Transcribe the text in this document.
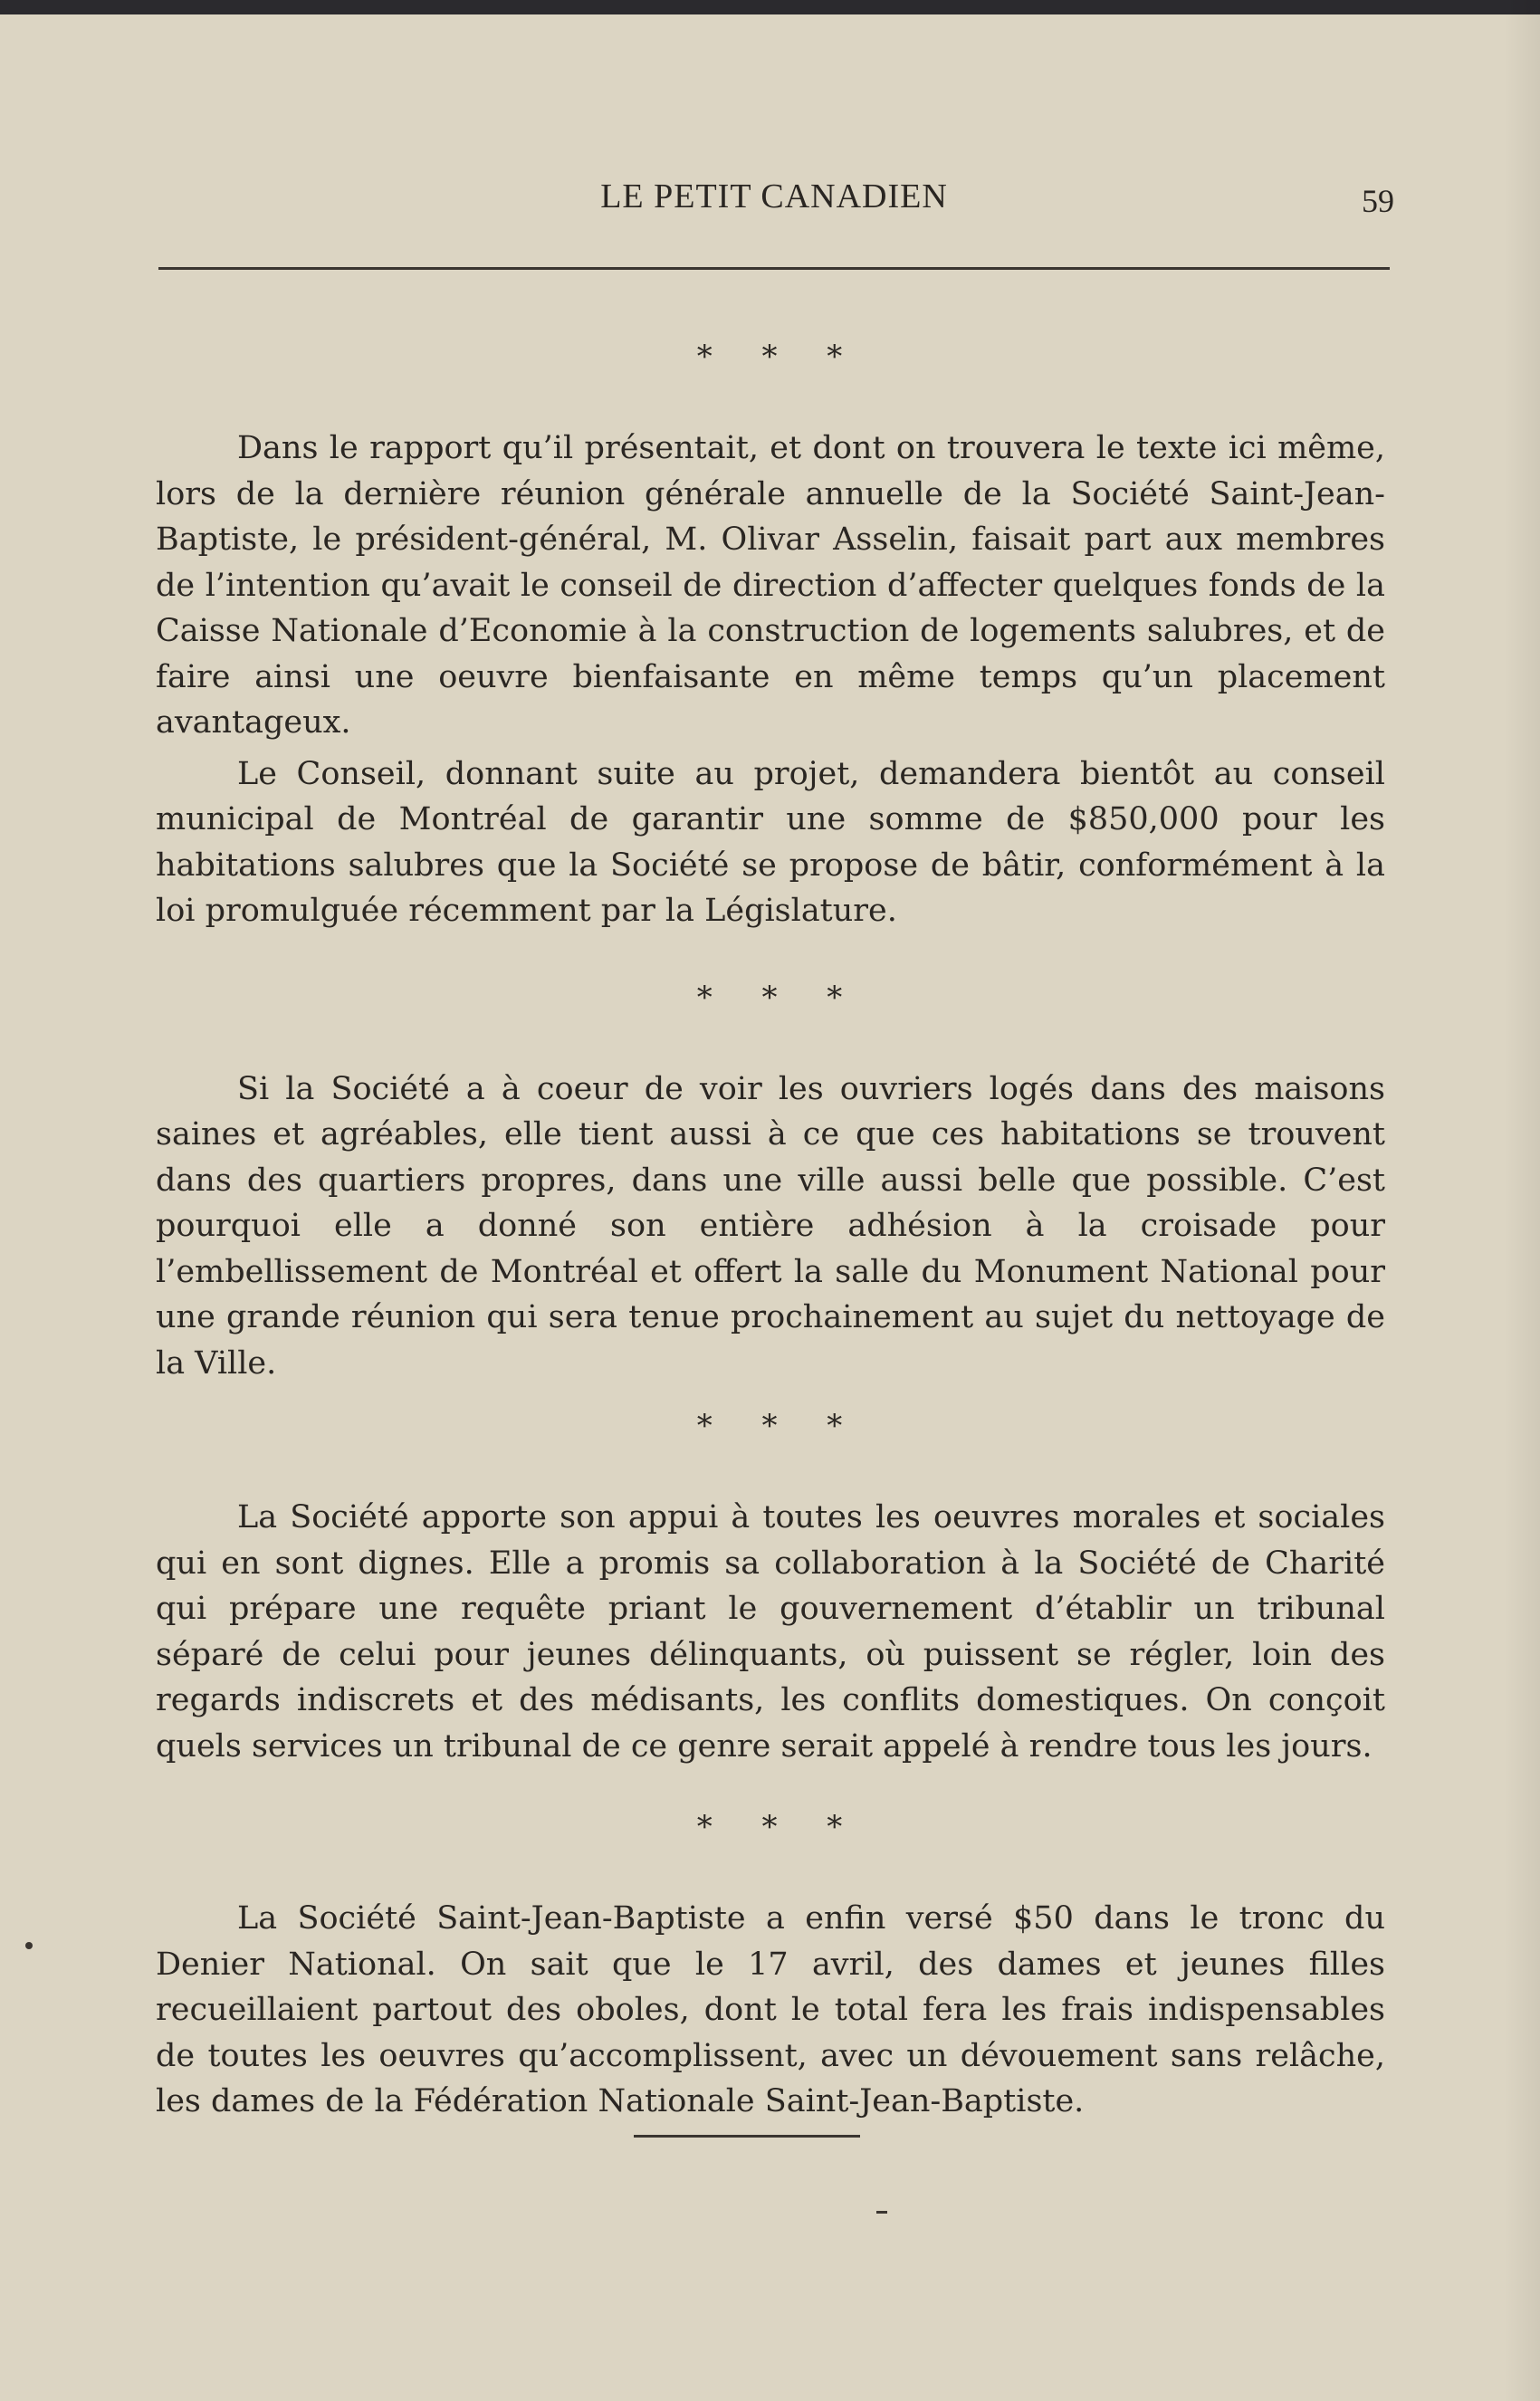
LE PETIT CANADIEN	59
* * *

Dans le rapport qu’il présentait, et dont on trouvera le texte ici même, lors de la dernière réunion générale annuelle de la Société Saint-Jean-Baptiste, le président-général, M. Olivar Asselin, faisait part aux membres de l’intention qu’avait le conseil de direction d’affecter quelques fonds de la Caisse Nationale d’Economie à la construction de logements salubres, et de faire ainsi une oeuvre bienfaisante en même temps qu’un placement avantageux.

Le Conseil, donnant suite au projet, demandera bientôt au conseil municipal de Montréal de garantir une somme de $850,000 pour les habitations salubres que la Société se propose de bâtir, conformément à la loi promulguée récemment par la Législature.

* * *

Si la Société a à coeur de voir les ouvriers logés dans des maisons saines et agréables, elle tient aussi à ce que ces habitations se trouvent dans des quartiers propres, dans une ville aussi belle que possible. C’est pourquoi elle a donné son entière adhésion à la croisade pour l’embellissement de Montréal et offert la salle du Monument National pour une grande réunion qui sera tenue prochainement au sujet du nettoyage de la Ville.

* * *

La Société apporte son appui à toutes les oeuvres morales et sociales qui en sont dignes. Elle a promis sa collaboration à la Société de Charité qui prépare une requête priant le gouvernement d’établir un tribunal séparé de celui pour jeunes délinquants, où puissent se régler, loin des regards indiscrets et des médisants, les conflits domestiques. On conçoit quels services un tribunal de ce genre serait appelé à rendre tous les jours.

* * *

La Société Saint-Jean-Baptiste a enfin versé $50 dans le tronc du Denier National. On sait que le 17 avril, des dames et jeunes filles recueillaient partout des oboles, dont le total fera les frais indispensables de toutes les oeuvres qu’accomplissent, avec un dévouement sans relâche, les dames de la Fédération Nationale Saint-Jean-Baptiste.
